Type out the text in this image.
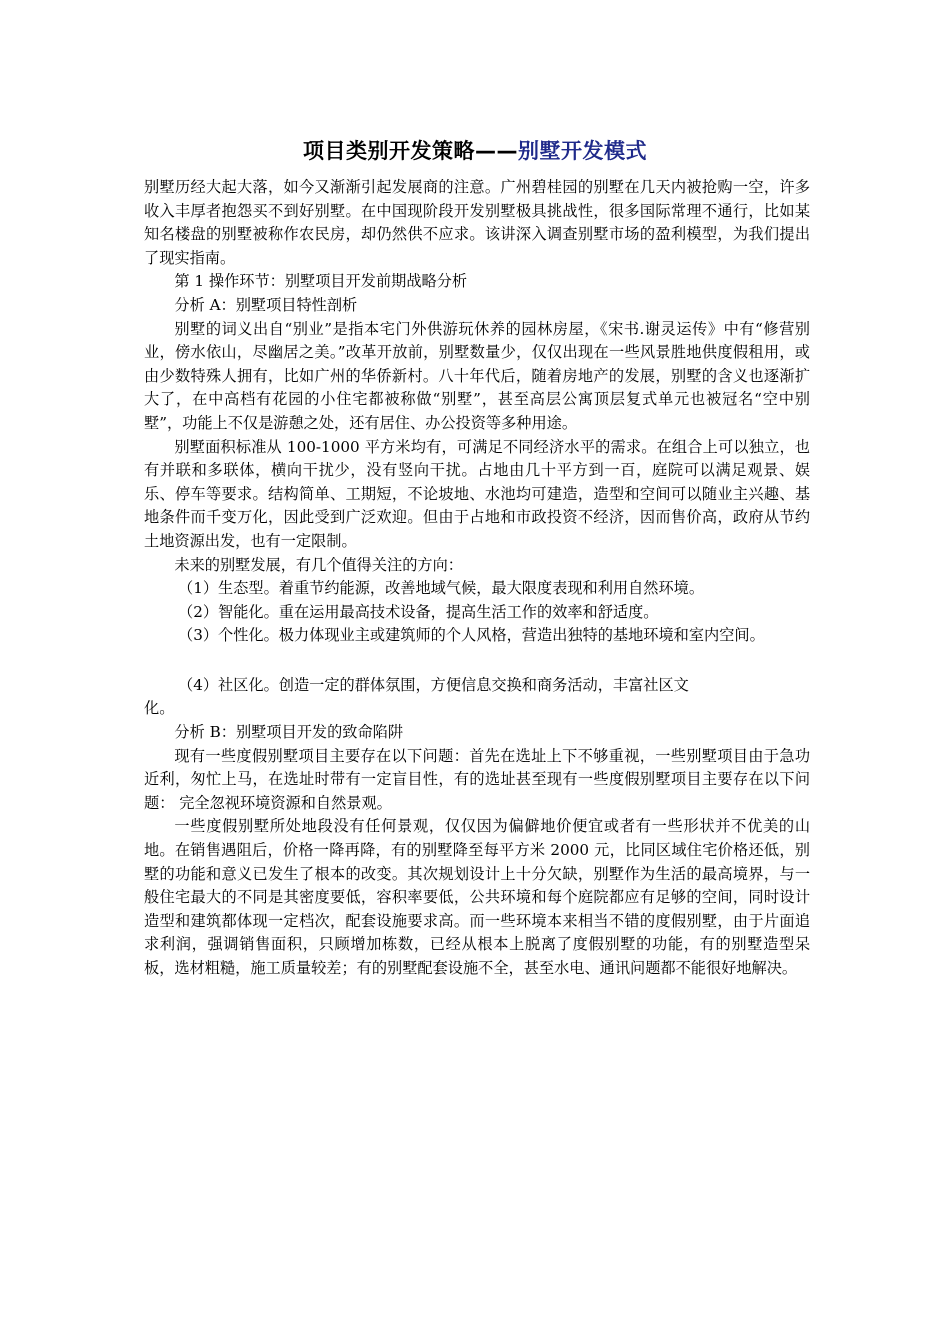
项目类别开发策略——别墅开发模式

别墅历经大起大落，如今又渐渐引起发展商的注意。广州碧桂园的别墅在几天内被抢购一空，许多收入丰厚者抱怨买不到好别墅。在中国现阶段开发别墅极具挑战性，很多国际常理不通行，比如某知名楼盘的别墅被称作农民房，却仍然供不应求。该讲深入调查别墅市场的盈利模型，为我们提出了现实指南。

第 1 操作环节：别墅项目开发前期战略分析

分析 A：别墅项目特性剖析

别墅的词义出自“别业”是指本宅门外供游玩休养的园林房屋，《宋书.谢灵运传》中有“修营别业，傍水依山，尽幽居之美。”改革开放前，别墅数量少，仅仅出现在一些风景胜地供度假租用，或由少数特殊人拥有，比如广州的华侨新村。八十年代后，随着房地产的发展，别墅的含义也逐渐扩大了，在中高档有花园的小住宅都被称做“别墅”，甚至高层公寓顶层复式单元也被冠名“空中别墅”，功能上不仅是游憩之处，还有居住、办公投资等多种用途。

别墅面积标准从 100-1000 平方米均有，可满足不同经济水平的需求。在组合上可以独立，也有并联和多联体，横向干扰少，没有竖向干扰。占地由几十平方到一百，庭院可以满足观景、娱乐、停车等要求。结构简单、工期短，不论坡地、水池均可建造，造型和空间可以随业主兴趣、基地条件而千变万化，因此受到广泛欢迎。但由于占地和市政投资不经济，因而售价高，政府从节约土地资源出发，也有一定限制。

未来的别墅发展，有几个值得关注的方向：

（1）生态型。着重节约能源，改善地域气候，最大限度表现和利用自然环境。

（2）智能化。重在运用最高技术设备，提高生活工作的效率和舒适度。

（3）个性化。极力体现业主或建筑师的个人风格，营造出独特的基地环境和室内空间。

（4）社区化。创造一定的群体氛围，方便信息交换和商务活动，丰富社区文

化。

分析 B：别墅项目开发的致命陷阱

现有一些度假别墅项目主要存在以下问题：首先在选址上下不够重视，一些别墅项目由于急功近利，匆忙上马，在选址时带有一定盲目性，有的选址甚至现有一些度假别墅项目主要存在以下问题： 完全忽视环境资源和自然景观。

一些度假别墅所处地段没有任何景观，仅仅因为偏僻地价便宜或者有一些形状并不优美的山地。在销售遇阻后，价格一降再降，有的别墅降至每平方米 2000 元，比同区域住宅价格还低，别墅的功能和意义已发生了根本的改变。其次规划设计上十分欠缺，别墅作为生活的最高境界，与一般住宅最大的不同是其密度要低，容积率要低，公共环境和每个庭院都应有足够的空间，同时设计造型和建筑都体现一定档次，配套设施要求高。而一些环境本来相当不错的度假别墅，由于片面追求利润，强调销售面积，只顾增加栋数，已经从根本上脱离了度假别墅的功能，有的别墅造型呆板，选材粗糙，施工质量较差；有的别墅配套设施不全，甚至水电、通讯问题都不能很好地解决。
